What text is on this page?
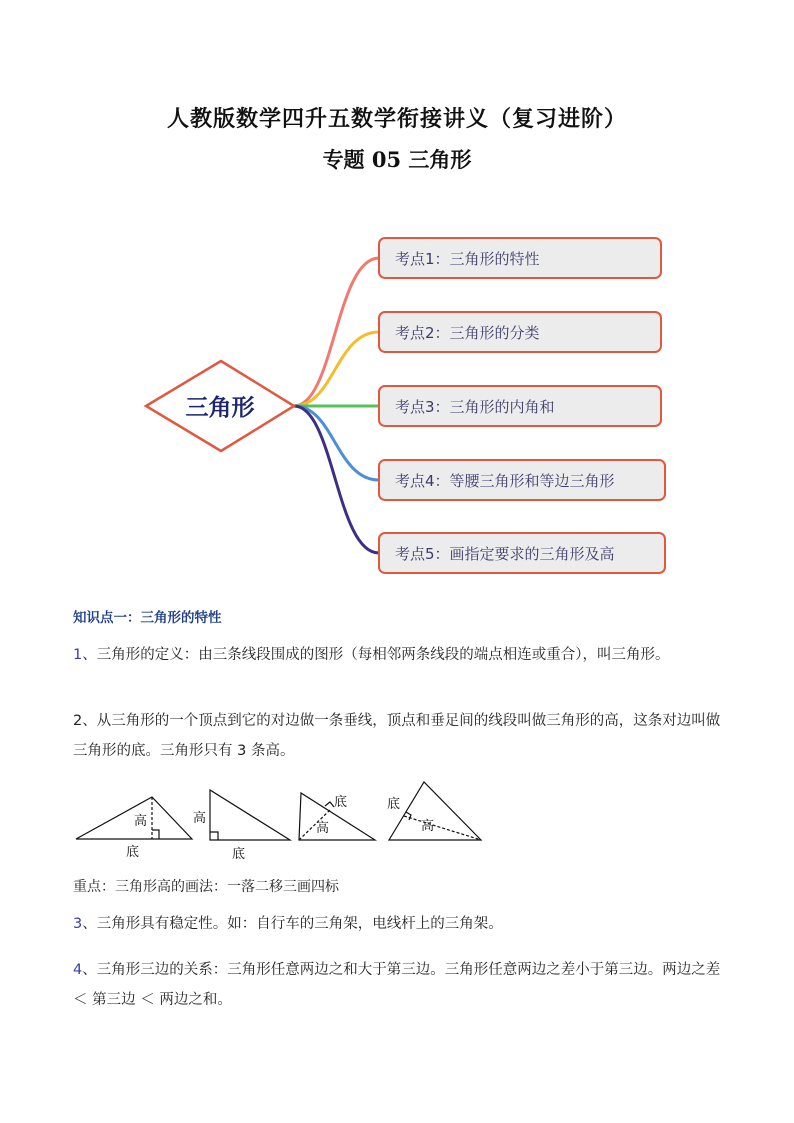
人教版数学四升五数学衔接讲义（复习进阶）
专题 05 三角形
三角形
考点1：三角形的特性
考点2：三角形的分类
考点3：三角形的内角和
考点4：等腰三角形和等边三角形
考点5：画指定要求的三角形及高
知识点一：三角形的特性
1、三角形的定义：由三条线段围成的图形（每相邻两条线段的端点相连或重合），叫三角形。
2、从三角形的一个顶点到它的对边做一条垂线，顶点和垂足间的线段叫做三角形的高，这条对边叫做三角形的底。三角形只有 3 条高。
高
底
高
底
底
高
底
高
重点：三角形高的画法：一落二移三画四标
3、三角形具有稳定性。如：自行车的三角架，电线杆上的三角架。
4、三角形三边的关系：三角形任意两边之和大于第三边。三角形任意两边之差小于第三边。两边之差 ＜ 第三边 ＜ 两边之和。
